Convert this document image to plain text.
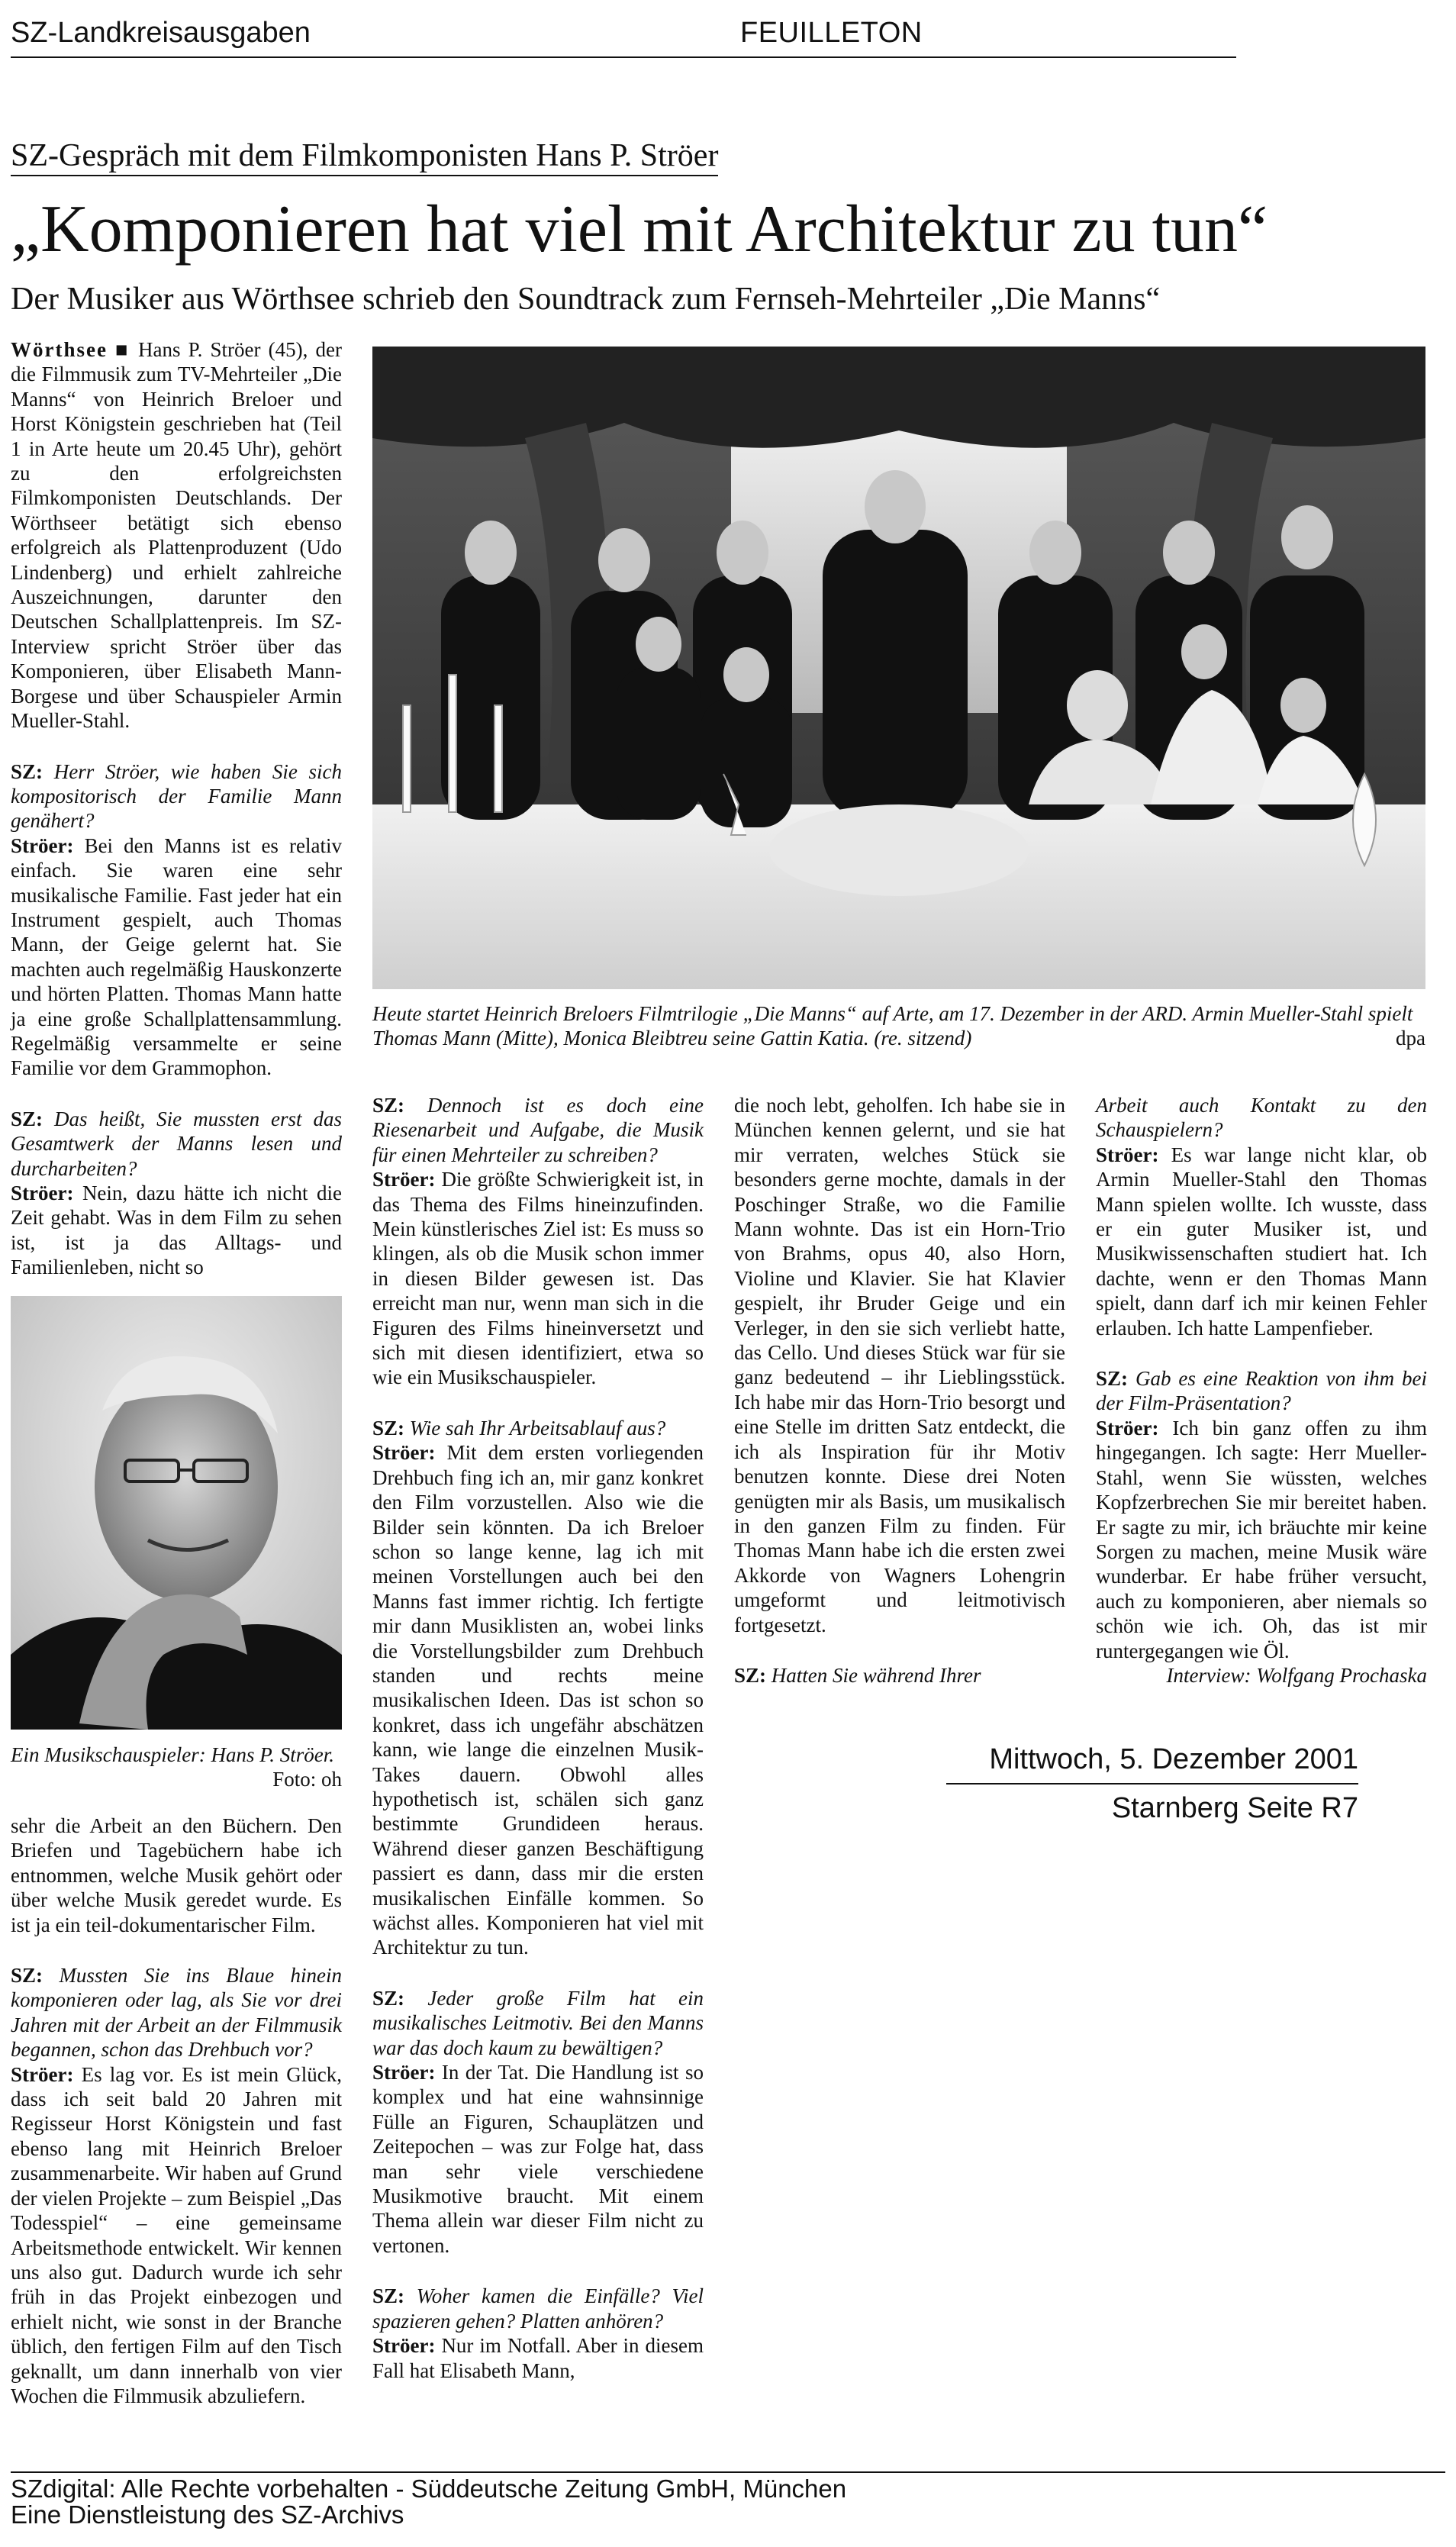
SZ-Landkreisausgaben	FEUILLETON
SZ-Gespräch mit dem Filmkomponisten Hans P. Ströer
„Komponieren hat viel mit Architektur zu tun“
Der Musiker aus Wörthsee schrieb den Soundtrack zum Fernseh-Mehrteiler „Die Manns“

Wörthsee ■ Hans P. Ströer (45), der die Filmmusik zum TV-Mehrteiler „Die Manns“ von Heinrich Breloer und Horst Königstein geschrieben hat (Teil 1 in Arte heute um 20.45 Uhr), gehört zu den erfolgreichsten Filmkomponisten Deutschlands. Der Wörthseer betätigt sich ebenso erfolgreich als Plattenproduzent (Udo Lindenberg) und erhielt zahlreiche Auszeichnungen, darunter den Deutschen Schallplattenpreis. Im SZ-Interview spricht Ströer über das Komponieren, über Elisabeth Mann-Borgese und über Schauspieler Armin Mueller-Stahl.

SZ: Herr Ströer, wie haben Sie sich kompositorisch der Familie Mann genähert?

Ströer: Bei den Manns ist es relativ einfach. Sie waren eine sehr musikalische Familie. Fast jeder hat ein Instrument gespielt, auch Thomas Mann, der Geige gelernt hat. Sie machten auch regelmäßig Hauskonzerte und hörten Platten. Thomas Mann hatte ja eine große Schallplattensammlung. Regelmäßig versammelte er seine Familie vor dem Grammophon.

SZ: Das heißt, Sie mussten erst das Gesamtwerk der Manns lesen und durcharbeiten?

Ströer: Nein, dazu hätte ich nicht die Zeit gehabt. Was in dem Film zu sehen ist, ist ja das Alltags- und Familienleben, nicht so

Ein Musikschauspieler: Hans P. Ströer.
Foto: oh

sehr die Arbeit an den Büchern. Den Briefen und Tagebüchern habe ich entnommen, welche Musik gehört oder über welche Musik geredet wurde. Es ist ja ein teil-dokumentarischer Film.

SZ: Mussten Sie ins Blaue hinein komponieren oder lag, als Sie vor drei Jahren mit der Arbeit an der Filmmusik begannen, schon das Drehbuch vor?

Ströer: Es lag vor. Es ist mein Glück, dass ich seit bald 20 Jahren mit Regisseur Horst Königstein und fast ebenso lang mit Heinrich Breloer zusammenarbeite. Wir haben auf Grund der vielen Projekte – zum Beispiel „Das Todesspiel“ – eine gemeinsame Arbeitsmethode entwickelt. Wir kennen uns also gut. Dadurch wurde ich sehr früh in das Projekt einbezogen und erhielt nicht, wie sonst in der Branche üblich, den fertigen Film auf den Tisch geknallt, um dann innerhalb von vier Wochen die Filmmusik abzuliefern.

Heute startet Heinrich Breloers Filmtrilogie „Die Manns“ auf Arte, am 17. Dezember in der ARD. Armin Mueller-Stahl spielt Thomas Mann (Mitte), Monica Bleibtreu seine Gattin Katia. (re. sitzend)	dpa

SZ: Dennoch ist es doch eine Riesenarbeit und Aufgabe, die Musik für einen Mehrteiler zu schreiben?

Ströer: Die größte Schwierigkeit ist, in das Thema des Films hineinzufinden. Mein künstlerisches Ziel ist: Es muss so klingen, als ob die Musik schon immer in diesen Bilder gewesen ist. Das erreicht man nur, wenn man sich in die Figuren des Films hineinversetzt und sich mit diesen identifiziert, etwa so wie ein Musikschauspieler.

SZ: Wie sah Ihr Arbeitsablauf aus?

Ströer: Mit dem ersten vorliegenden Drehbuch fing ich an, mir ganz konkret den Film vorzustellen. Also wie die Bilder sein könnten. Da ich Breloer schon so lange kenne, lag ich mit meinen Vorstellungen auch bei den Manns fast immer richtig. Ich fertigte mir dann Musiklisten an, wobei links die Vorstellungsbilder zum Drehbuch standen und rechts meine musikalischen Ideen. Das ist schon so konkret, dass ich ungefähr abschätzen kann, wie lange die einzelnen Musik-Takes dauern. Obwohl alles hypothetisch ist, schälen sich ganz bestimmte Grundideen heraus. Während dieser ganzen Beschäftigung passiert es dann, dass mir die ersten musikalischen Einfälle kommen. So wächst alles. Komponieren hat viel mit Architektur zu tun.

SZ: Jeder große Film hat ein musikalisches Leitmotiv. Bei den Manns war das doch kaum zu bewältigen?

Ströer: In der Tat. Die Handlung ist so komplex und hat eine wahnsinnige Fülle an Figuren, Schauplätzen und Zeitepochen – was zur Folge hat, dass man sehr viele verschiedene Musikmotive braucht. Mit einem Thema allein war dieser Film nicht zu vertonen.

SZ: Woher kamen die Einfälle? Viel spazieren gehen? Platten anhören?

Ströer: Nur im Notfall. Aber in diesem Fall hat Elisabeth Mann,

die noch lebt, geholfen. Ich habe sie in München kennen gelernt, und sie hat mir verraten, welches Stück sie besonders gerne mochte, damals in der Poschinger Straße, wo die Familie Mann wohnte. Das ist ein Horn-Trio von Brahms, opus 40, also Horn, Violine und Klavier. Sie hat Klavier gespielt, ihr Bruder Geige und ein Verleger, in den sie sich verliebt hatte, das Cello. Und dieses Stück war für sie ganz bedeutend – ihr Lieblingsstück. Ich habe mir das Horn-Trio besorgt und eine Stelle im dritten Satz entdeckt, die ich als Inspiration für ihr Motiv benutzen konnte. Diese drei Noten genügten mir als Basis, um musikalisch in den ganzen Film zu finden. Für Thomas Mann habe ich die ersten zwei Akkorde von Wagners Lohengrin umgeformt und leitmotivisch fortgesetzt.

SZ: Hatten Sie während Ihrer

Arbeit auch Kontakt zu den Schauspielern?

Ströer: Es war lange nicht klar, ob Armin Mueller-Stahl den Thomas Mann spielen wollte. Ich wusste, dass er ein guter Musiker ist, und Musikwissenschaften studiert hat. Ich dachte, wenn er den Thomas Mann spielt, dann darf ich mir keinen Fehler erlauben. Ich hatte Lampenfieber.

SZ: Gab es eine Reaktion von ihm bei der Film-Präsentation?

Ströer: Ich bin ganz offen zu ihm hingegangen. Ich sagte: Herr Mueller-Stahl, wenn Sie wüssten, welches Kopfzerbrechen Sie mir bereitet haben. Er sagte zu mir, ich bräuchte mir keine Sorgen zu machen, meine Musik wäre wunderbar. Er habe früher versucht, auch zu komponieren, aber niemals so schön wie ich. Oh, das ist mir runtergegangen wie Öl.

Interview: Wolfgang Prochaska

Mittwoch, 5. Dezember 2001
Starnberg Seite R7
SZdigital: Alle Rechte vorbehalten - Süddeutsche Zeitung GmbH, München
Eine Dienstleistung des SZ-Archivs
